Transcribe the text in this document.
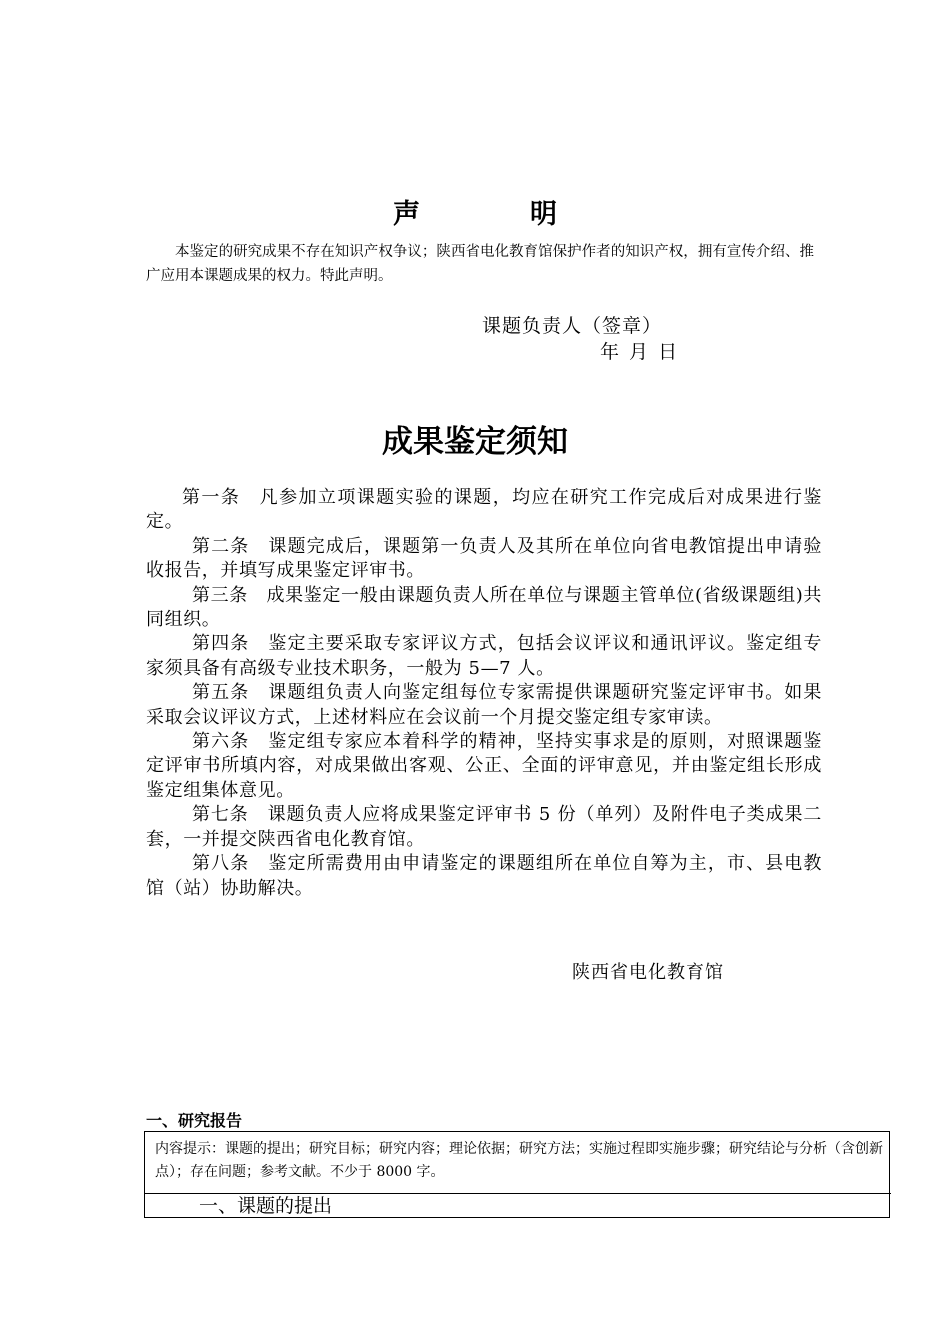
声	明
本鉴定的研究成果不存在知识产权争议；陕西省电化教育馆保护作者的知识产权，拥有宣传介绍、推广应用本课题成果的权力。特此声明。
课题负责人（签章）
年 月 日
成果鉴定须知

第一条　凡参加立项课题实验的课题，均应在研究工作完成后对成果进行鉴定。

第二条　课题完成后，课题第一负责人及其所在单位向省电教馆提出申请验收报告，并填写成果鉴定评审书。

第三条　成果鉴定一般由课题负责人所在单位与课题主管单位(省级课题组)共同组织。

第四条　鉴定主要采取专家评议方式，包括会议评议和通讯评议。鉴定组专家须具备有高级专业技术职务，一般为 5—7 人。

第五条　课题组负责人向鉴定组每位专家需提供课题研究鉴定评审书。如果采取会议评议方式，上述材料应在会议前一个月提交鉴定组专家审读。

第六条　鉴定组专家应本着科学的精神，坚持实事求是的原则，对照课题鉴定评审书所填内容，对成果做出客观、公正、全面的评审意见，并由鉴定组长形成鉴定组集体意见。

第七条　课题负责人应将成果鉴定评审书 5 份（单列）及附件电子类成果二套，一并提交陕西省电化教育馆。

第八条　鉴定所需费用由申请鉴定的课题组所在单位自筹为主，市、县电教馆（站）协助解决。

陕西省电化教育馆
一、研究报告
内容提示：课题的提出；研究目标；研究内容；理论依据；研究方法；实施过程即实施步骤；研究结论与分析（含创新点）；存在问题；参考文献。不少于 8000 字。
一、课题的提出
